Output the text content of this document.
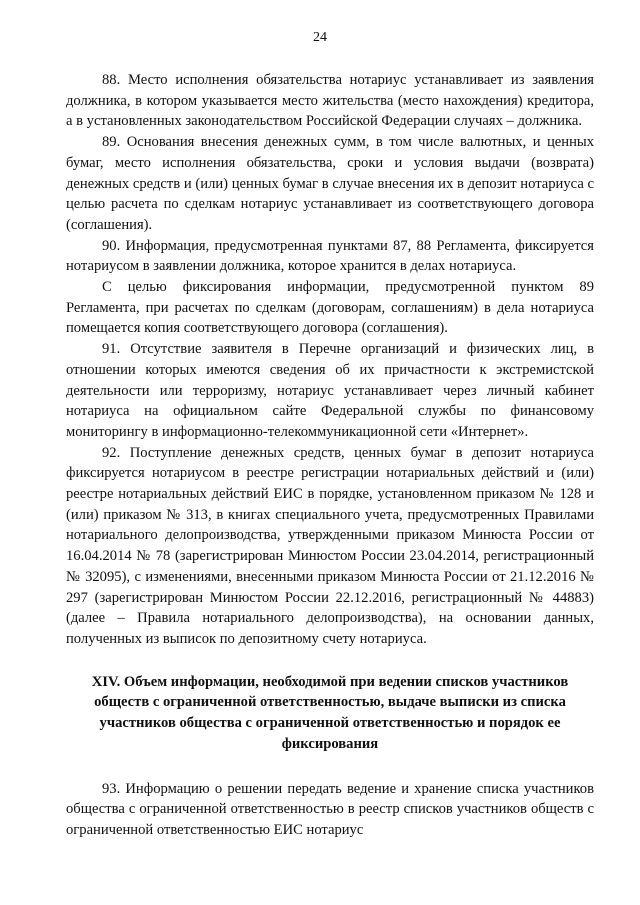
24

88. Место исполнения обязательства нотариус устанавливает из заявления должника, в котором указывается место жительства (место нахождения) кредитора, а в установленных законодательством Российской Федерации случаях – должника.

89. Основания внесения денежных сумм, в том числе валютных, и ценных бумаг, место исполнения обязательства, сроки и условия выдачи (возврата) денежных средств и (или) ценных бумаг в случае внесения их в депозит нотариуса с целью расчета по сделкам нотариус устанавливает из соответствующего договора (соглашения).

90. Информация, предусмотренная пунктами 87, 88 Регламента, фиксируется нотариусом в заявлении должника, которое хранится в делах нотариуса.

С целью фиксирования информации, предусмотренной пунктом 89 Регламента, при расчетах по сделкам (договорам, соглашениям) в дела нотариуса помещается копия соответствующего договора (соглашения).

91. Отсутствие заявителя в Перечне организаций и физических лиц, в отношении которых имеются сведения об их причастности к экстремистской деятельности или терроризму, нотариус устанавливает через личный кабинет нотариуса на официальном сайте Федеральной службы по финансовому мониторингу в информационно-телекоммуникационной сети «Интернет».

92. Поступление денежных средств, ценных бумаг в депозит нотариуса фиксируется нотариусом в реестре регистрации нотариальных действий и (или) реестре нотариальных действий ЕИС в порядке, установленном приказом № 128 и (или) приказом № 313, в книгах специального учета, предусмотренных Правилами нотариального делопроизводства, утвержденными приказом Минюста России от 16.04.2014 № 78 (зарегистрирован Минюстом России 23.04.2014, регистрационный № 32095), с изменениями, внесенными приказом Минюста России от 21.12.2016 № 297 (зарегистрирован Минюстом России 22.12.2016, регистрационный № 44883) (далее – Правила нотариального делопроизводства), на основании данных, полученных из выписок по депозитному счету нотариуса.

XIV. Объем информации, необходимой при ведении списков участников обществ с ограниченной ответственностью, выдаче выписки из списка участников общества с ограниченной ответственностью и порядок ее фиксирования

93. Информацию о решении передать ведение и хранение списка участников общества с ограниченной ответственностью в реестр списков участников обществ с ограниченной ответственностью ЕИС нотариус
